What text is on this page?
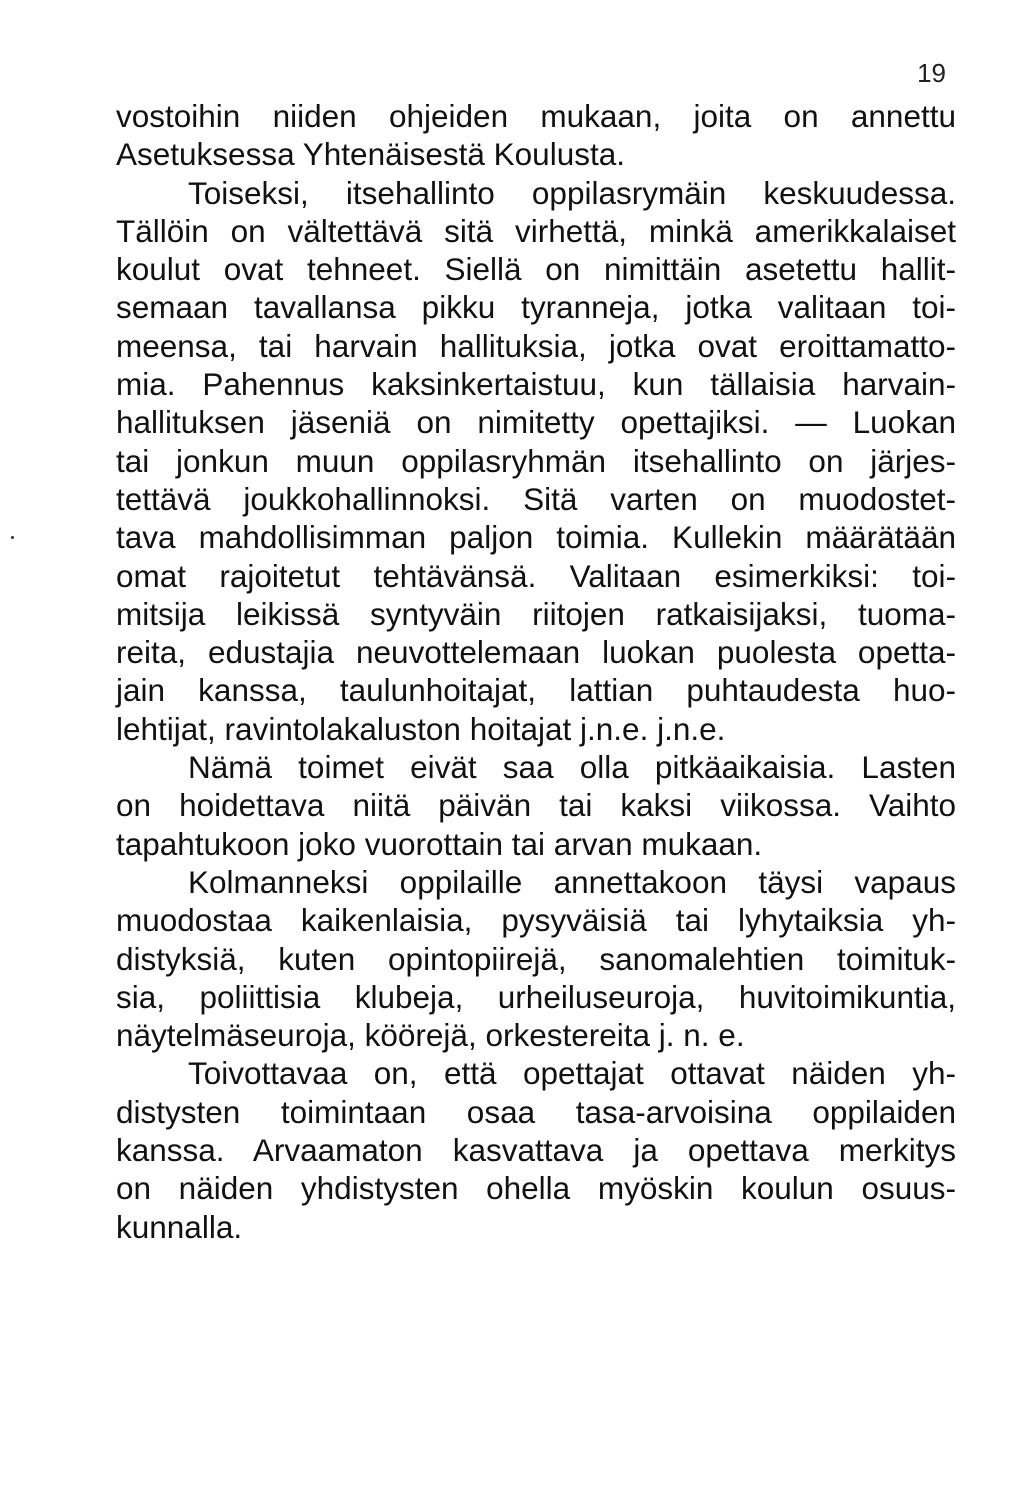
19
vostoihin niiden ohjeiden mukaan, joita on annettu
Asetuksessa Yhtenäisestä Koulusta.
Toiseksi, itsehallinto oppilasrymäin keskuudessa.
Tällöin on vältettävä sitä virhettä, minkä amerikkalaiset
koulut ovat tehneet. Siellä on nimittäin asetettu hallit-
semaan tavallansa pikku tyranneja, jotka valitaan toi-
meensa, tai harvain hallituksia, jotka ovat eroittamatto-
mia. Pahennus kaksinkertaistuu, kun tällaisia harvain-
hallituksen jäseniä on nimitetty opettajiksi. — Luokan
tai jonkun muun oppilasryhmän itsehallinto on järjes-
tettävä joukkohallinnoksi. Sitä varten on muodostet-
tava mahdollisimman paljon toimia. Kullekin määrätään
omat rajoitetut tehtävänsä. Valitaan esimerkiksi: toi-
mitsija leikissä syntyväin riitojen ratkaisijaksi, tuoma-
reita, edustajia neuvottelemaan luokan puolesta opetta-
jain kanssa, taulunhoitajat, lattian puhtaudesta huo-
lehtijat, ravintolakaluston hoitajat j.n.e. j.n.e.
Nämä toimet eivät saa olla pitkäaikaisia. Lasten
on hoidettava niitä päivän tai kaksi viikossa. Vaihto
tapahtukoon joko vuorottain tai arvan mukaan.
Kolmanneksi oppilaille annettakoon täysi vapaus
muodostaa kaikenlaisia, pysyväisiä tai lyhytaiksia yh-
distyksiä, kuten opintopiirejä, sanomalehtien toimituk-
sia, poliittisia klubeja, urheiluseuroja, huvitoimikuntia,
näytelmäseuroja, köörejä, orkestereita j. n. e.
Toivottavaa on, että opettajat ottavat näiden yh-
distysten toimintaan osaa tasa-arvoisina oppilaiden
kanssa. Arvaamaton kasvattava ja opettava merkitys
on näiden yhdistysten ohella myöskin koulun osuus-
kunnalla.
